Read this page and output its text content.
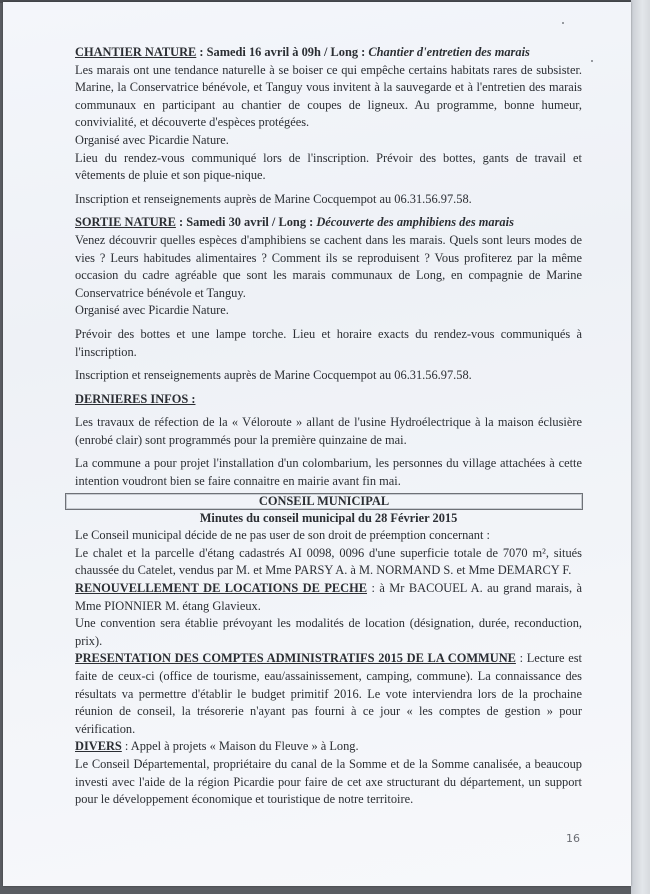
CHANTIER NATURE : Samedi 16 avril à 09h / Long : Chantier d'entretien des marais

Les marais ont une tendance naturelle à se boiser ce qui empêche certains habitats rares de subsister. Marine, la Conservatrice bénévole, et Tanguy vous invitent à la sauvegarde et à l'entretien des marais communaux en participant au chantier de coupes de ligneux. Au programme, bonne humeur, convivialité, et découverte d'espèces protégées.

Organisé avec Picardie Nature.

Lieu du rendez-vous communiqué lors de l'inscription. Prévoir des bottes, gants de travail et vêtements de pluie et son pique-nique.

Inscription et renseignements auprès de Marine Cocquempot au 06.31.56.97.58.

SORTIE NATURE : Samedi 30 avril / Long : Découverte des amphibiens des marais

Venez découvrir quelles espèces d'amphibiens se cachent dans les marais. Quels sont leurs modes de vies ? Leurs habitudes alimentaires ? Comment ils se reproduisent ? Vous profiterez par la même occasion du cadre agréable que sont les marais communaux de Long, en compagnie de Marine Conservatrice bénévole et Tanguy.

Organisé avec Picardie Nature.

Prévoir des bottes et une lampe torche. Lieu et horaire exacts du rendez-vous communiqués à l'inscription.

Inscription et renseignements auprès de Marine Cocquempot au 06.31.56.97.58.

DERNIERES INFOS :

Les travaux de réfection de la « Véloroute » allant de l'usine Hydroélectrique à la maison éclusière (enrobé clair) sont programmés pour la première quinzaine de mai.

La commune a pour projet l'installation d'un colombarium, les personnes du village attachées à cette intention voudront bien se faire connaitre en mairie avant fin mai.

CONSEIL MUNICIPAL

Minutes du conseil municipal du 28 Février 2015

Le Conseil municipal décide de ne pas user de son droit de préemption concernant :

Le chalet et la parcelle d'étang cadastrés AI 0098, 0096 d'une superficie totale de 7070 m², situés chaussée du Catelet, vendus par M. et Mme PARSY A. à M. NORMAND S. et Mme DEMARCY F.

RENOUVELLEMENT DE LOCATIONS DE PECHE : à Mr BACOUEL A. au grand marais, à Mme PIONNIER M. étang Glavieux.

Une convention sera établie prévoyant les modalités de location (désignation, durée, reconduction, prix).

PRESENTATION DES COMPTES ADMINISTRATIFS 2015 DE LA COMMUNE : Lecture est faite de ceux-ci (office de tourisme, eau/assainissement, camping, commune). La connaissance des résultats va permettre d'établir le budget primitif 2016. Le vote interviendra lors de la prochaine réunion de conseil, la trésorerie n'ayant pas fourni à ce jour « les comptes de gestion » pour vérification.

DIVERS : Appel à projets « Maison du Fleuve » à Long.

Le Conseil Départemental, propriétaire du canal de la Somme et de la Somme canalisée, a beaucoup investi avec l'aide de la région Picardie pour faire de cet axe structurant du département, un support pour le développement économique et touristique de notre territoire.

16
